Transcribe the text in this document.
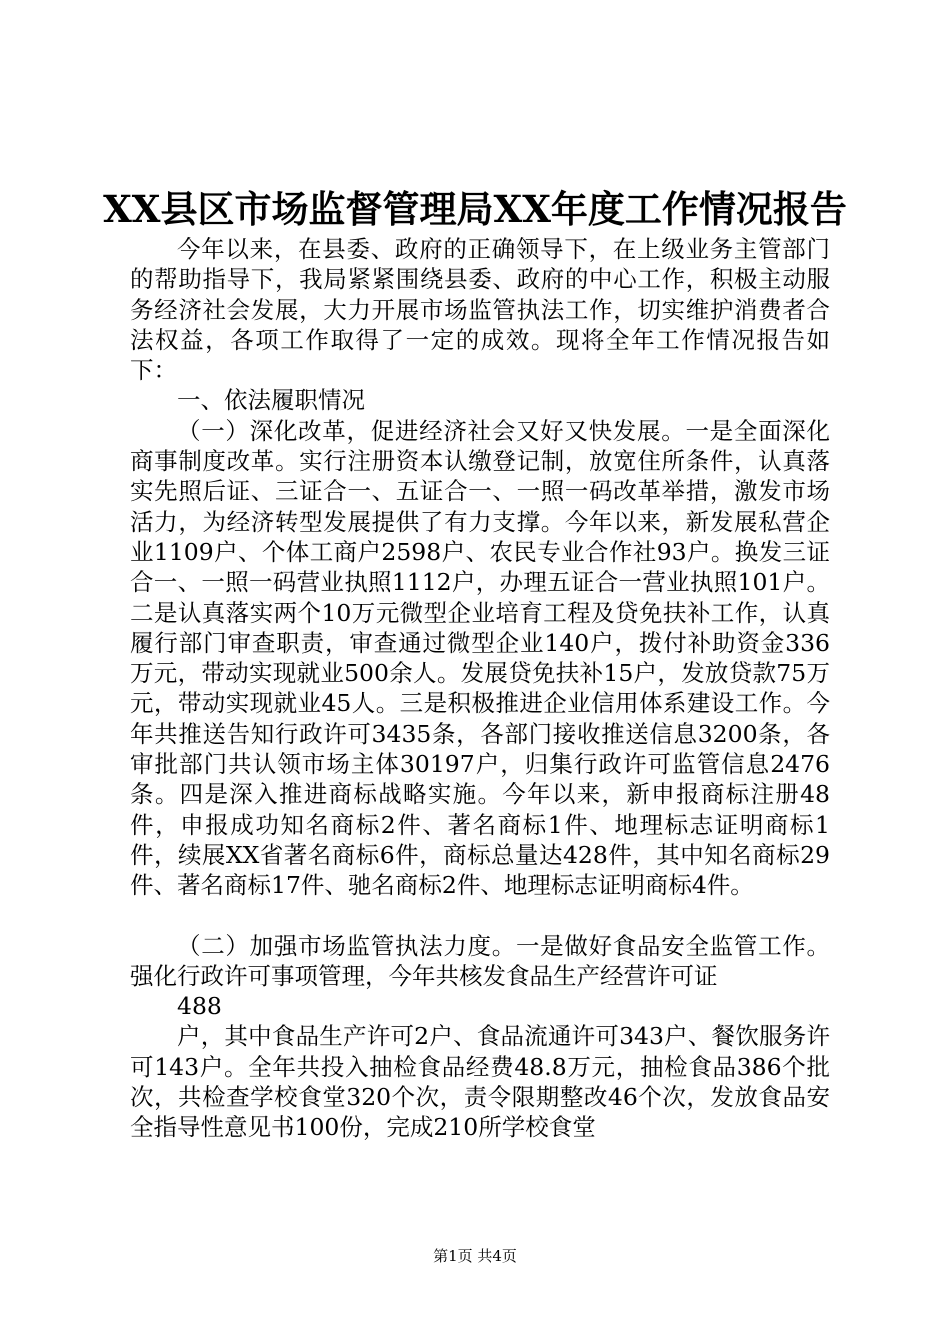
XX县区市场监督管理局XX年度工作情况报告

今年以来，在县委、政府的正确领导下，在上级业务主管部门的帮助指导下，我局紧紧围绕县委、政府的中心工作，积极主动服务经济社会发展，大力开展市场监管执法工作，切实维护消费者合法权益，各项工作取得了一定的成效。现将全年工作情况报告如下：

一、依法履职情况

（一）深化改革，促进经济社会又好又快发展。一是全面深化商事制度改革。实行注册资本认缴登记制，放宽住所条件，认真落实先照后证、三证合一、五证合一、一照一码改革举措，激发市场活力，为经济转型发展提供了有力支撑。今年以来，新发展私营企业1109户、个体工商户2598户、农民专业合作社93户。换发三证合一、一照一码营业执照1112户，办理五证合一营业执照101户。二是认真落实两个10万元微型企业培育工程及贷免扶补工作，认真履行部门审查职责，审查通过微型企业140户，拨付补助资金336万元，带动实现就业500余人。发展贷免扶补15户，发放贷款75万元，带动实现就业45人。三是积极推进企业信用体系建设工作。今年共推送告知行政许可3435条，各部门接收推送信息3200条，各审批部门共认领市场主体30197户，归集行政许可监管信息2476条。四是深入推进商标战略实施。今年以来，新申报商标注册48件，申报成功知名商标2件、著名商标1件、地理标志证明商标1件，续展XX省著名商标6件，商标总量达428件，其中知名商标29件、著名商标17件、驰名商标2件、地理标志证明商标4件。

（二）加强市场监管执法力度。一是做好食品安全监管工作。强化行政许可事项管理，今年共核发食品生产经营许可证

488

户，其中食品生产许可2户、食品流通许可343户、餐饮服务许可143户。全年共投入抽检食品经费48.8万元，抽检食品386个批次，共检查学校食堂320个次，责令限期整改46个次，发放食品安全指导性意见书100份，完成210所学校食堂

第1页 共4页
